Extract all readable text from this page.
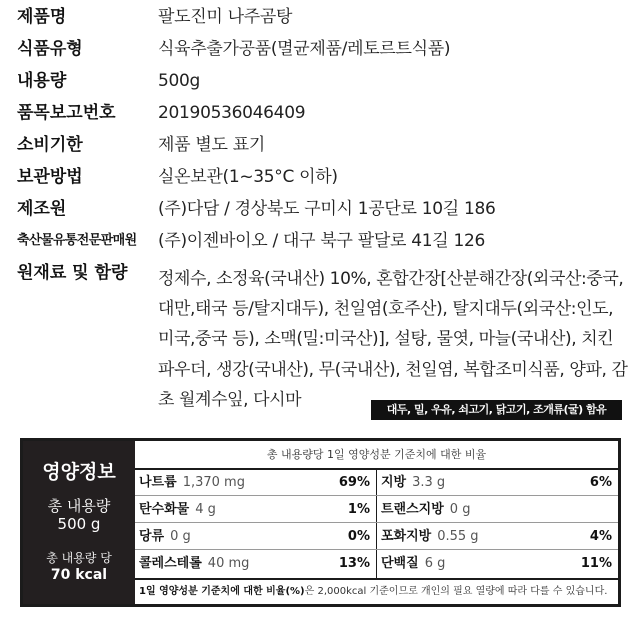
제품명	팔도진미 나주곰탕
식품유형	식육추출가공품(멸균제품/레토르트식품)
내용량	500g
품목보고번호 20190536046409
소비기한	제품 별도 표기
보관방법	실온보관(1~35°C 이하)
제조원	(주)다담 / 경상북도 구미시 1공단로 10길 186
축산물유통전문판매원 (주)이젠바이오 / 대구 북구 팔달로 41길 126
원재료 및 함량 정제수, 소정육(국내산) 10%, 혼합간장[산분해간장(외국산:중국,
대만,태국 등/탈지대두), 천일염(호주산), 탈지대두(외국산:인도,
미국,중국 등), 소맥(밀:미국산)], 설탕, 물엿, 마늘(국내산), 치킨
파우더, 생강(국내산), 무(국내산), 천일염, 복합조미식품, 양파, 감
초 월계수잎, 다시마	대두, 밀, 우유, 쇠고기, 닭고기, 조개류(굴) 함유
영양정보
총 내용량
500 g
총 내용량 당
70 kcal
총 내용량당 1일 영양성분 기준치에 대한 비율
나트륨 1,370 mg	69% 지방 3.3 g	6%
탄수화물 4 g	1% 트랜스지방 0 g
당류 0 g	0% 포화지방 0.55 g	4%
콜레스테롤 40 mg	13% 단백질 6 g	11%
1일 영양성분 기준치에 대한 비율(%)은 2,000kcal 기준이므로 개인의 필요 열량에 따라 다를 수 있습니다.
